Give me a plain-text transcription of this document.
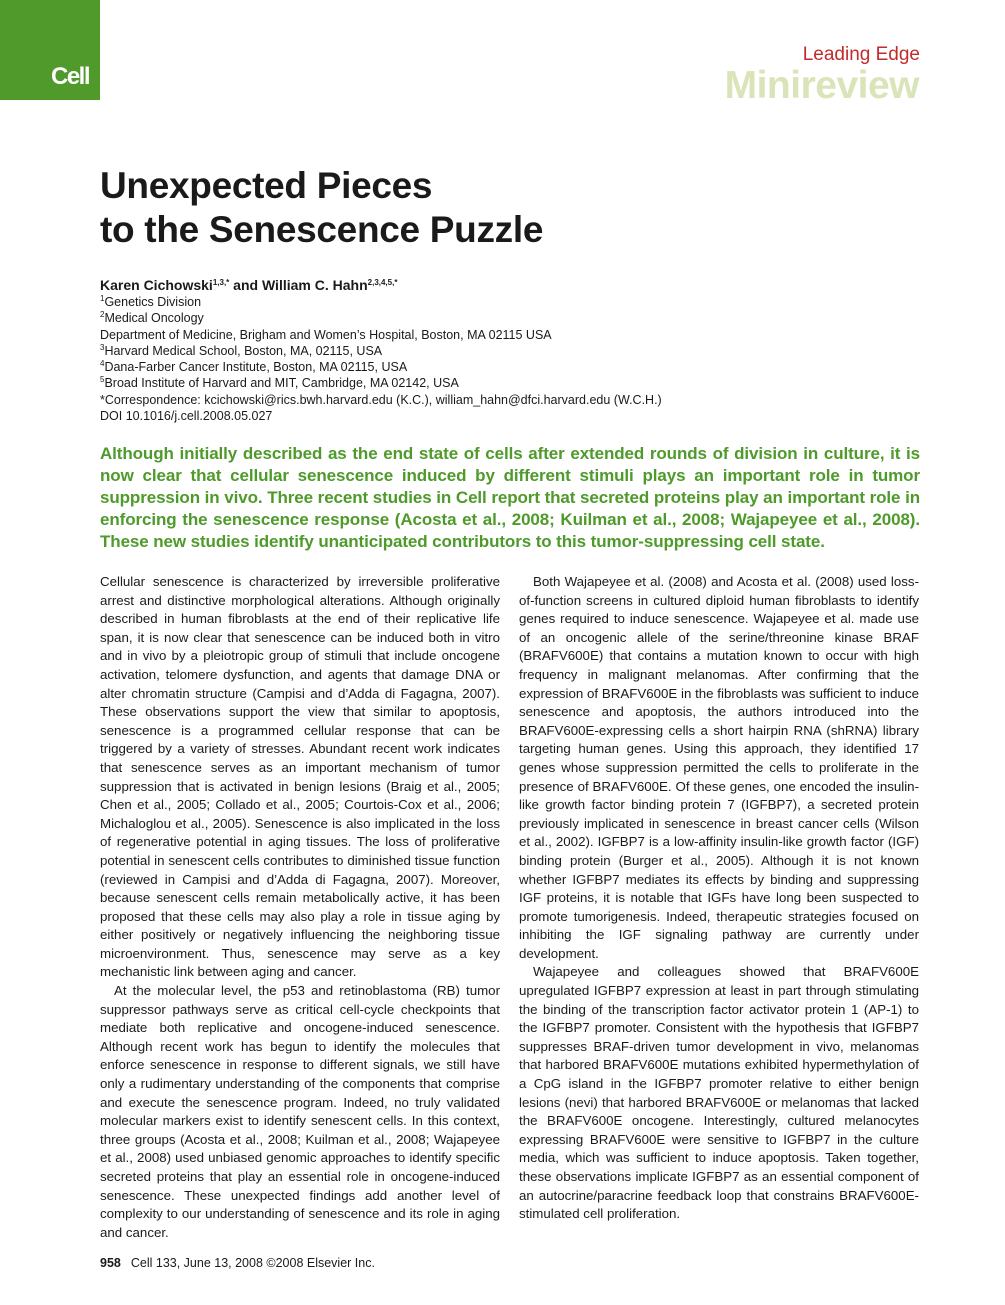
Cell
Leading Edge
Minireview
Unexpected Pieces
to the Senescence Puzzle
Karen Cichowski$^{1,3,*}$ and William C. Hahn$^{2,3,4,5,*}$
$^1$Genetics Division
$^2$Medical Oncology
Department of Medicine, Brigham and Women’s Hospital, Boston, MA 02115 USA
$^3$Harvard Medical School, Boston, MA, 02115, USA
$^4$Dana-Farber Cancer Institute, Boston, MA 02115, USA
$^5$Broad Institute of Harvard and MIT, Cambridge, MA 02142, USA
*Correspondence: kcichowski@rics.bwh.harvard.edu (K.C.), william_hahn@dfci.harvard.edu (W.C.H.)
DOI 10.1016/j.cell.2008.05.027
Although initially described as the end state of cells after extended rounds of division in culture, it is now clear that cellular senescence induced by different stimuli plays an important role in tumor suppression in vivo. Three recent studies in Cell report that secreted proteins play an important role in enforcing the senescence response (Acosta et al., 2008; Kuilman et al., 2008; Wajapeyee et al., 2008). These new studies identify unanticipated contributors to this tumor-suppressing cell state.

Cellular senescence is characterized by irreversible proliferative arrest and distinctive morphological alterations. Although originally described in human fibroblasts at the end of their replicative life span, it is now clear that senescence can be induced both in vitro and in vivo by a pleiotropic group of stimuli that include oncogene activation, telomere dysfunction, and agents that damage DNA or alter chromatin structure (Campisi and d’Adda di Fagagna, 2007). These observations support the view that similar to apoptosis, senescence is a programmed cellular response that can be triggered by a variety of stresses. Abundant recent work indicates that senescence serves as an important mechanism of tumor suppression that is activated in benign lesions (Braig et al., 2005; Chen et al., 2005; Collado et al., 2005; Courtois-Cox et al., 2006; Michaloglou et al., 2005). Senescence is also implicated in the loss of regenerative potential in aging tissues. The loss of proliferative potential in senescent cells contributes to diminished tissue function (reviewed in Campisi and d’Adda di Fagagna, 2007). Moreover, because senescent cells remain metabolically active, it has been proposed that these cells may also play a role in tissue aging by either positively or negatively influencing the neighboring tissue microenvironment. Thus, senescence may serve as a key mechanistic link between aging and cancer.

At the molecular level, the p53 and retinoblastoma (RB) tumor suppressor pathways serve as critical cell-cycle checkpoints that mediate both replicative and oncogene-induced senescence. Although recent work has begun to identify the molecules that enforce senescence in response to different signals, we still have only a rudimentary understanding of the components that comprise and execute the senescence program. Indeed, no truly validated molecular markers exist to identify senescent cells. In this context, three groups (Acosta et al., 2008; Kuilman et al., 2008; Wajapeyee et al., 2008) used unbiased genomic approaches to identify specific secreted proteins that play an essential role in oncogene-induced senescence. These unexpected findings add another level of complexity to our understanding of senescence and its role in aging and cancer.

Both Wajapeyee et al. (2008) and Acosta et al. (2008) used loss-of-function screens in cultured diploid human fibroblasts to identify genes required to induce senescence. Wajapeyee et al. made use of an oncogenic allele of the serine/threonine kinase BRAF (BRAFV600E) that contains a mutation known to occur with high frequency in malignant melanomas. After confirming that the expression of BRAFV600E in the fibroblasts was sufficient to induce senescence and apoptosis, the authors introduced into the BRAFV600E-expressing cells a short hairpin RNA (shRNA) library targeting human genes. Using this approach, they identified 17 genes whose suppression permitted the cells to proliferate in the presence of BRAFV600E. Of these genes, one encoded the insulin-like growth factor binding protein 7 (IGFBP7), a secreted protein previously implicated in senescence in breast cancer cells (Wilson et al., 2002). IGFBP7 is a low-affinity insulin-like growth factor (IGF) binding protein (Burger et al., 2005). Although it is not known whether IGFBP7 mediates its effects by binding and suppressing IGF proteins, it is notable that IGFs have long been suspected to promote tumorigenesis. Indeed, therapeutic strategies focused on inhibiting the IGF signaling pathway are currently under development.

Wajapeyee and colleagues showed that BRAFV600E upregulated IGFBP7 expression at least in part through stimulating the binding of the transcription factor activator protein 1 (AP-1) to the IGFBP7 promoter. Consistent with the hypothesis that IGFBP7 suppresses BRAF-driven tumor development in vivo, melanomas that harbored BRAFV600E mutations exhibited hypermethylation of a CpG island in the IGFBP7 promoter relative to either benign lesions (nevi) that harbored BRAFV600E or melanomas that lacked the BRAFV600E oncogene. Interestingly, cultured melanocytes expressing BRAFV600E were sensitive to IGFBP7 in the culture media, which was sufficient to induce apoptosis. Taken together, these observations implicate IGFBP7 as an essential component of an autocrine/paracrine feedback loop that constrains BRAFV600E-stimulated cell proliferation.

958 Cell 133, June 13, 2008 ©2008 Elsevier Inc.
